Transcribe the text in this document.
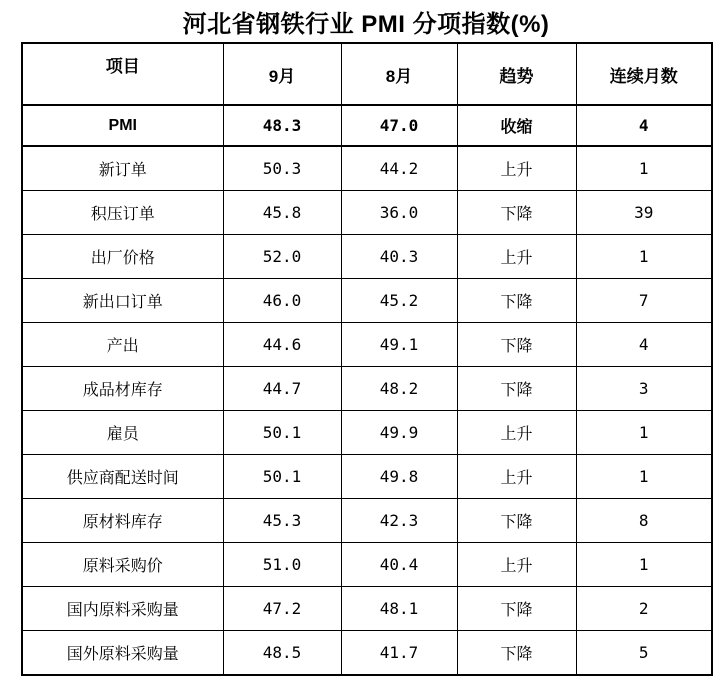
河北省钢铁行业 PMI 分项指数(%)
项目	9月	8月	趋势	连续月数
PMI	48.3	47.0	收缩	4
新订单	50.3	44.2	上升	1
积压订单	45.8	36.0	下降	39
出厂价格	52.0	40.3	上升	1
新出口订单	46.0	45.2	下降	7
产出	44.6	49.1	下降	4
成品材库存	44.7	48.2	下降	3
雇员	50.1	49.9	上升	1
供应商配送时间	50.1	49.8	上升	1
原材料库存	45.3	42.3	下降	8
原料采购价	51.0	40.4	上升	1
国内原料采购量	47.2	48.1	下降	2
国外原料采购量	48.5	41.7	下降	5
